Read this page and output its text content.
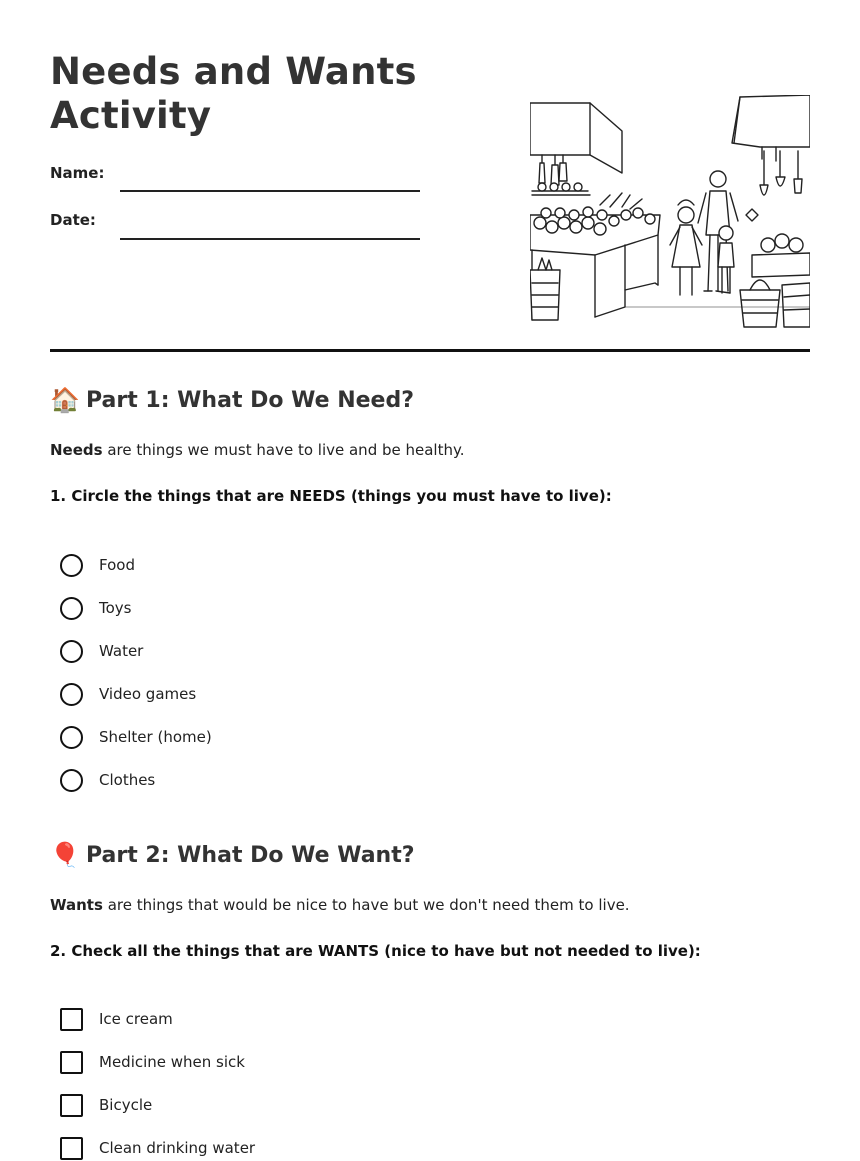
Needs and Wants
Activity
Name:
Date:
🏠 Part 1: What Do We Need?
Needs are things we must have to live and be healthy.
1. Circle the things that are NEEDS (things you must have to live):
Food
Toys
Water
Video games
Shelter (home)
Clothes
🎈 Part 2: What Do We Want?
Wants are things that would be nice to have but we don't need them to live.
2. Check all the things that are WANTS (nice to have but not needed to live):
Ice cream
Medicine when sick
Bicycle
Clean drinking water
